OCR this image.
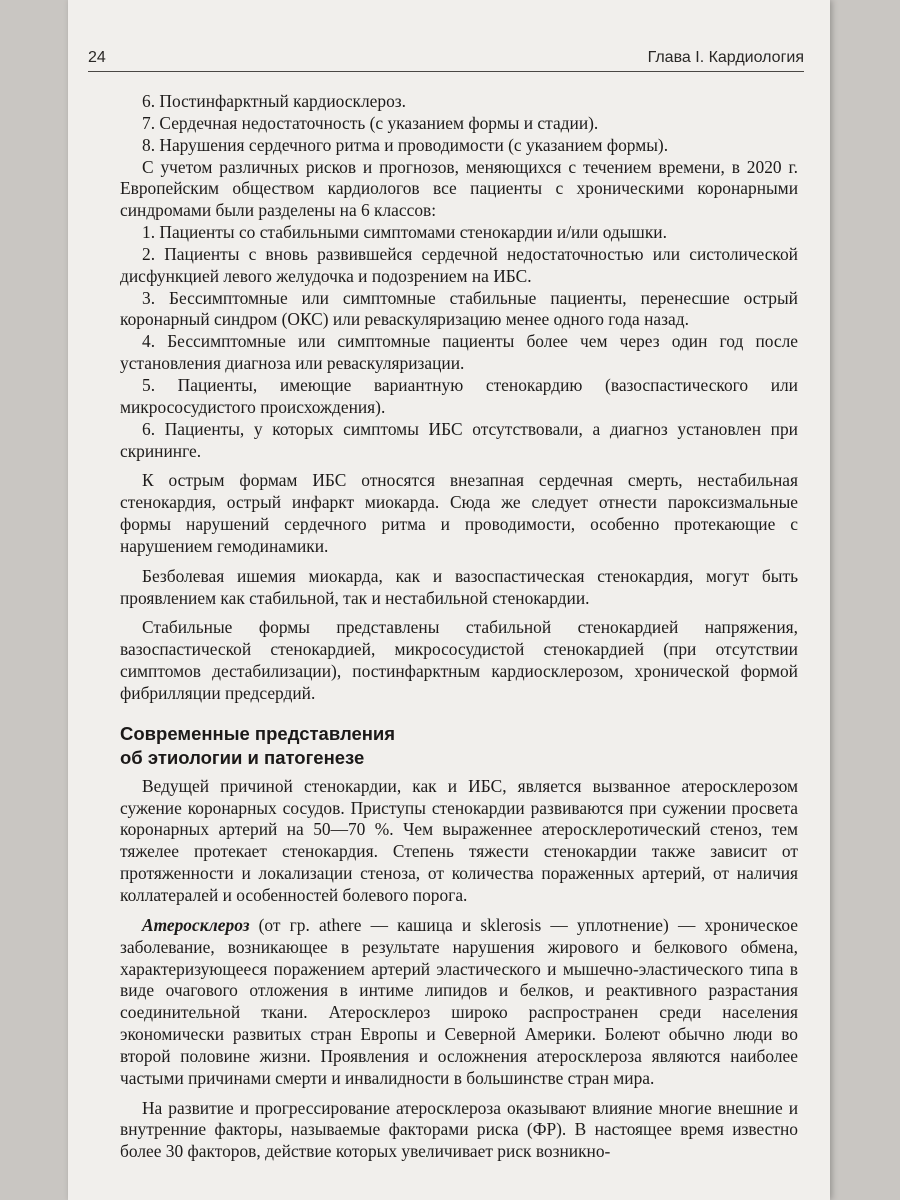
24	Глава I. Кардиология

6. Постинфарктный кардиосклероз.

7. Сердечная недостаточность (с указанием формы и стадии).

8. Нарушения сердечного ритма и проводимости (с указанием формы).

С учетом различных рисков и прогнозов, меняющихся с течением времени, в 2020 г. Европейским обществом кардиологов все пациенты с хроническими коронарными синдромами были разделены на 6 классов:

1. Пациенты со стабильными симптомами стенокардии и/или одышки.

2. Пациенты с вновь развившейся сердечной недостаточностью или систолической дисфункцией левого желудочка и подозрением на ИБС.

3. Бессимптомные или симптомные стабильные пациенты, перенесшие острый коронарный синдром (ОКС) или реваскуляризацию менее одного года назад.

4. Бессимптомные или симптомные пациенты более чем через один год после установления диагноза или реваскуляризации.

5. Пациенты, имеющие вариантную стенокардию (вазоспастического или микрососудистого происхождения).

6. Пациенты, у которых симптомы ИБС отсутствовали, а диагноз установлен при скрининге.

К острым формам ИБС относятся внезапная сердечная смерть, нестабильная стенокардия, острый инфаркт миокарда. Сюда же следует отнести пароксизмальные формы нарушений сердечного ритма и проводимости, особенно протекающие с нарушением гемодинамики.

Безболевая ишемия миокарда, как и вазоспастическая стенокардия, могут быть проявлением как стабильной, так и нестабильной стенокардии.

Стабильные формы представлены стабильной стенокардией напряжения, вазоспастической стенокардией, микрососудистой стенокардией (при отсутствии симптомов дестабилизации), постинфарктным кардиосклерозом, хронической формой фибрилляции предсердий.

Современные представления
об этиологии и патогенезе

Ведущей причиной стенокардии, как и ИБС, является вызванное атеросклерозом сужение коронарных сосудов. Приступы стенокардии развиваются при сужении просвета коронарных артерий на 50—70 %. Чем выраженнее атеросклеротический стеноз, тем тяжелее протекает стенокардия. Степень тяжести стенокардии также зависит от протяженности и локализации стеноза, от количества пораженных артерий, от наличия коллатералей и особенностей болевого порога.

Атеросклероз (от гр. athere — кашица и sklerosis — уплотнение) — хроническое заболевание, возникающее в результате нарушения жирового и белкового обмена, характеризующееся поражением артерий эластического и мышечно-эластического типа в виде очагового отложения в интиме липидов и белков, и реактивного разрастания соединительной ткани. Атеросклероз широко распространен среди населения экономически развитых стран Европы и Северной Америки. Болеют обычно люди во второй половине жизни. Проявления и осложнения атеросклероза являются наиболее частыми причинами смерти и инвалидности в большинстве стран мира.

На развитие и прогрессирование атеросклероза оказывают влияние многие внешние и внутренние факторы, называемые факторами риска (ФР). В настоящее время известно более 30 факторов, действие которых увеличивает риск возникно-
